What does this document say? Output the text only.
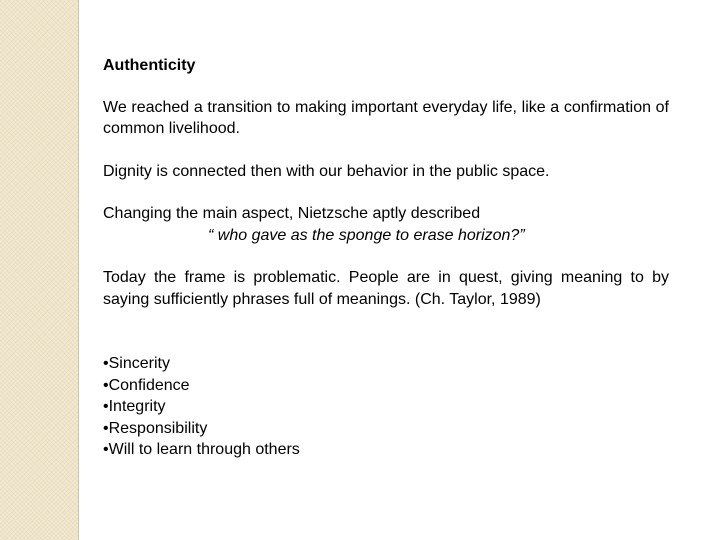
Authenticity

We reached a transition to making important everyday life, like a confirmation of common livelihood.

Dignity is connected then with our behavior in the public space.

Changing the main aspect, Nietzsche aptly described

“ who gave as the sponge to erase horizon?”

Today the frame is problematic. People are in quest, giving meaning to by saying sufficiently phrases full of meanings. (Ch. Taylor, 1989)

•Sincerity
•Confidence
•Integrity
•Responsibility
•Will to learn through others
